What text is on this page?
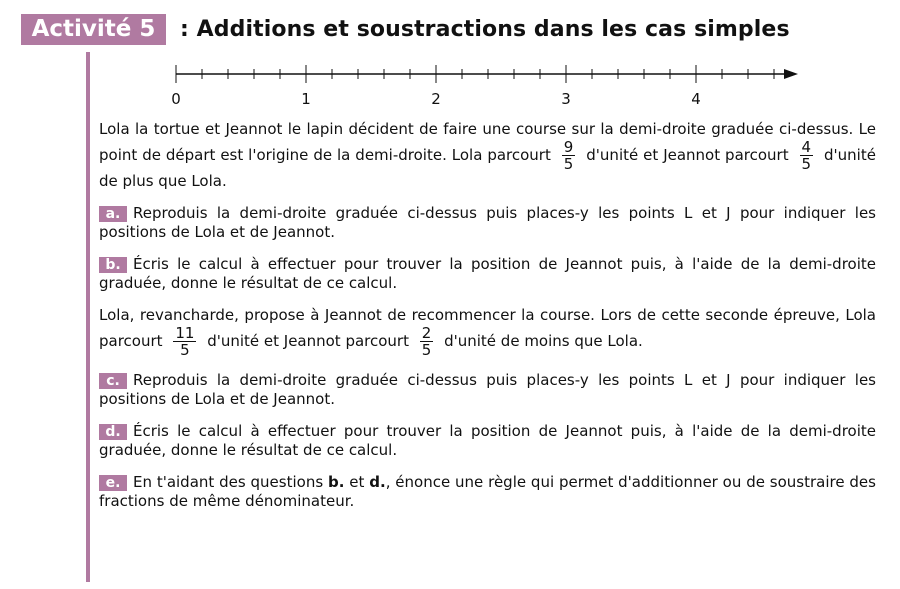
Activité 5	: Additions et soustractions dans les cas simples
0	1	2	3	4

Lola la tortue et Jeannot le lapin décident de faire une course sur la demi-droite graduée ci-dessus. Le point de départ est l'origine de la demi-droite. Lola parcourt $\frac{9}{5}$ d'unité et Jeannot parcourt $\frac{4}{5}$ d'unité de plus que Lola.

a. Reproduis la demi-droite graduée ci-dessus puis places-y les points L et J pour indiquer les positions de Lola et de Jeannot.

b. Écris le calcul à effectuer pour trouver la position de Jeannot puis, à l'aide de la demi-droite graduée, donne le résultat de ce calcul.

Lola, revancharde, propose à Jeannot de recommencer la course. Lors de cette seconde épreuve, Lola parcourt $\frac{11}{5}$ d'unité et Jeannot parcourt $\frac{2}{5}$ d'unité de moins que Lola.

c. Reproduis la demi-droite graduée ci-dessus puis places-y les points L et J pour indiquer les positions de Lola et de Jeannot.

d. Écris le calcul à effectuer pour trouver la position de Jeannot puis, à l'aide de la demi-droite graduée, donne le résultat de ce calcul.

e. En t'aidant des questions b. et d., énonce une règle qui permet d'additionner ou de soustraire des fractions de même dénominateur.
